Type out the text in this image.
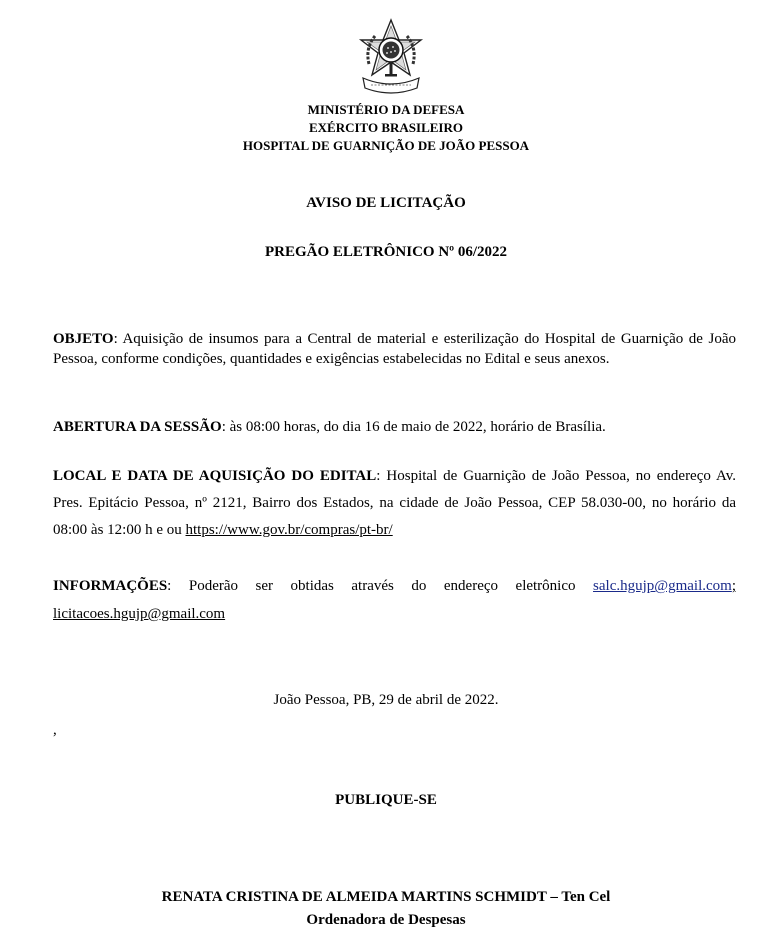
MINISTÉRIO DA DEFESA
EXÉRCITO BRASILEIRO
HOSPITAL DE GUARNIÇÃO DE JOÃO PESSOA
AVISO DE LICITAÇÃO
PREGÃO ELETRÔNICO Nº 06/2022
OBJETO: Aquisição de insumos para a Central de material e esterilização do Hospital de Guarnição de João Pessoa, conforme condições, quantidades e exigências estabelecidas no Edital e seus anexos.
ABERTURA DA SESSÃO: às 08:00 horas, do dia 16 de maio de 2022, horário de Brasília.
LOCAL E DATA DE AQUISIÇÃO DO EDITAL: Hospital de Guarnição de João Pessoa, no endereço Av. Pres. Epitácio Pessoa, nº 2121, Bairro dos Estados, na cidade de João Pessoa, CEP 58.030-00, no horário da 08:00 às 12:00 h e ou https://www.gov.br/compras/pt-br/
INFORMAÇÕES: Poderão ser obtidas através do endereço eletrônico salc.hgujp@gmail.com; licitacoes.hgujp@gmail.com
João Pessoa, PB, 29 de abril de 2022.
,
PUBLIQUE-SE
RENATA CRISTINA DE ALMEIDA MARTINS SCHMIDT – Ten Cel
Ordenadora de Despesas
